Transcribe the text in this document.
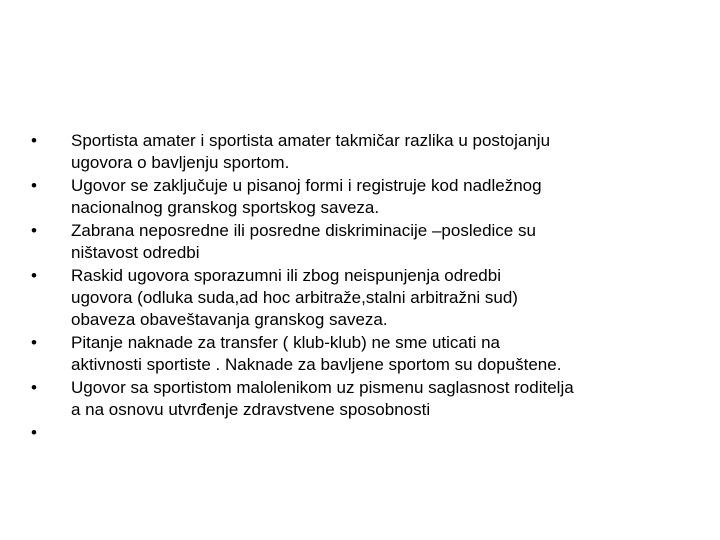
• Sportista amater i sportista amater takmičar razlika u postojanju
ugovora o bavljenju sportom.
• Ugovor se zaključuje u pisanoj formi i registruje kod nadležnog
nacionalnog granskog sportskog saveza.
• Zabrana neposredne ili posredne diskriminacije –posledice su
ništavost odredbi
• Raskid ugovora sporazumni ili zbog neispunjenja odredbi
ugovora (odluka suda,ad hoc arbitraže,stalni arbitražni sud)
obaveza obaveštavanja granskog saveza.
• Pitanje naknade za transfer ( klub-klub) ne sme uticati na
aktivnosti sportiste . Naknade za bavljene sportom su dopuštene.
• Ugovor sa sportistom malolenikom uz pismenu saglasnost roditelja
a na osnovu utvrđenje zdravstvene sposobnosti
•
